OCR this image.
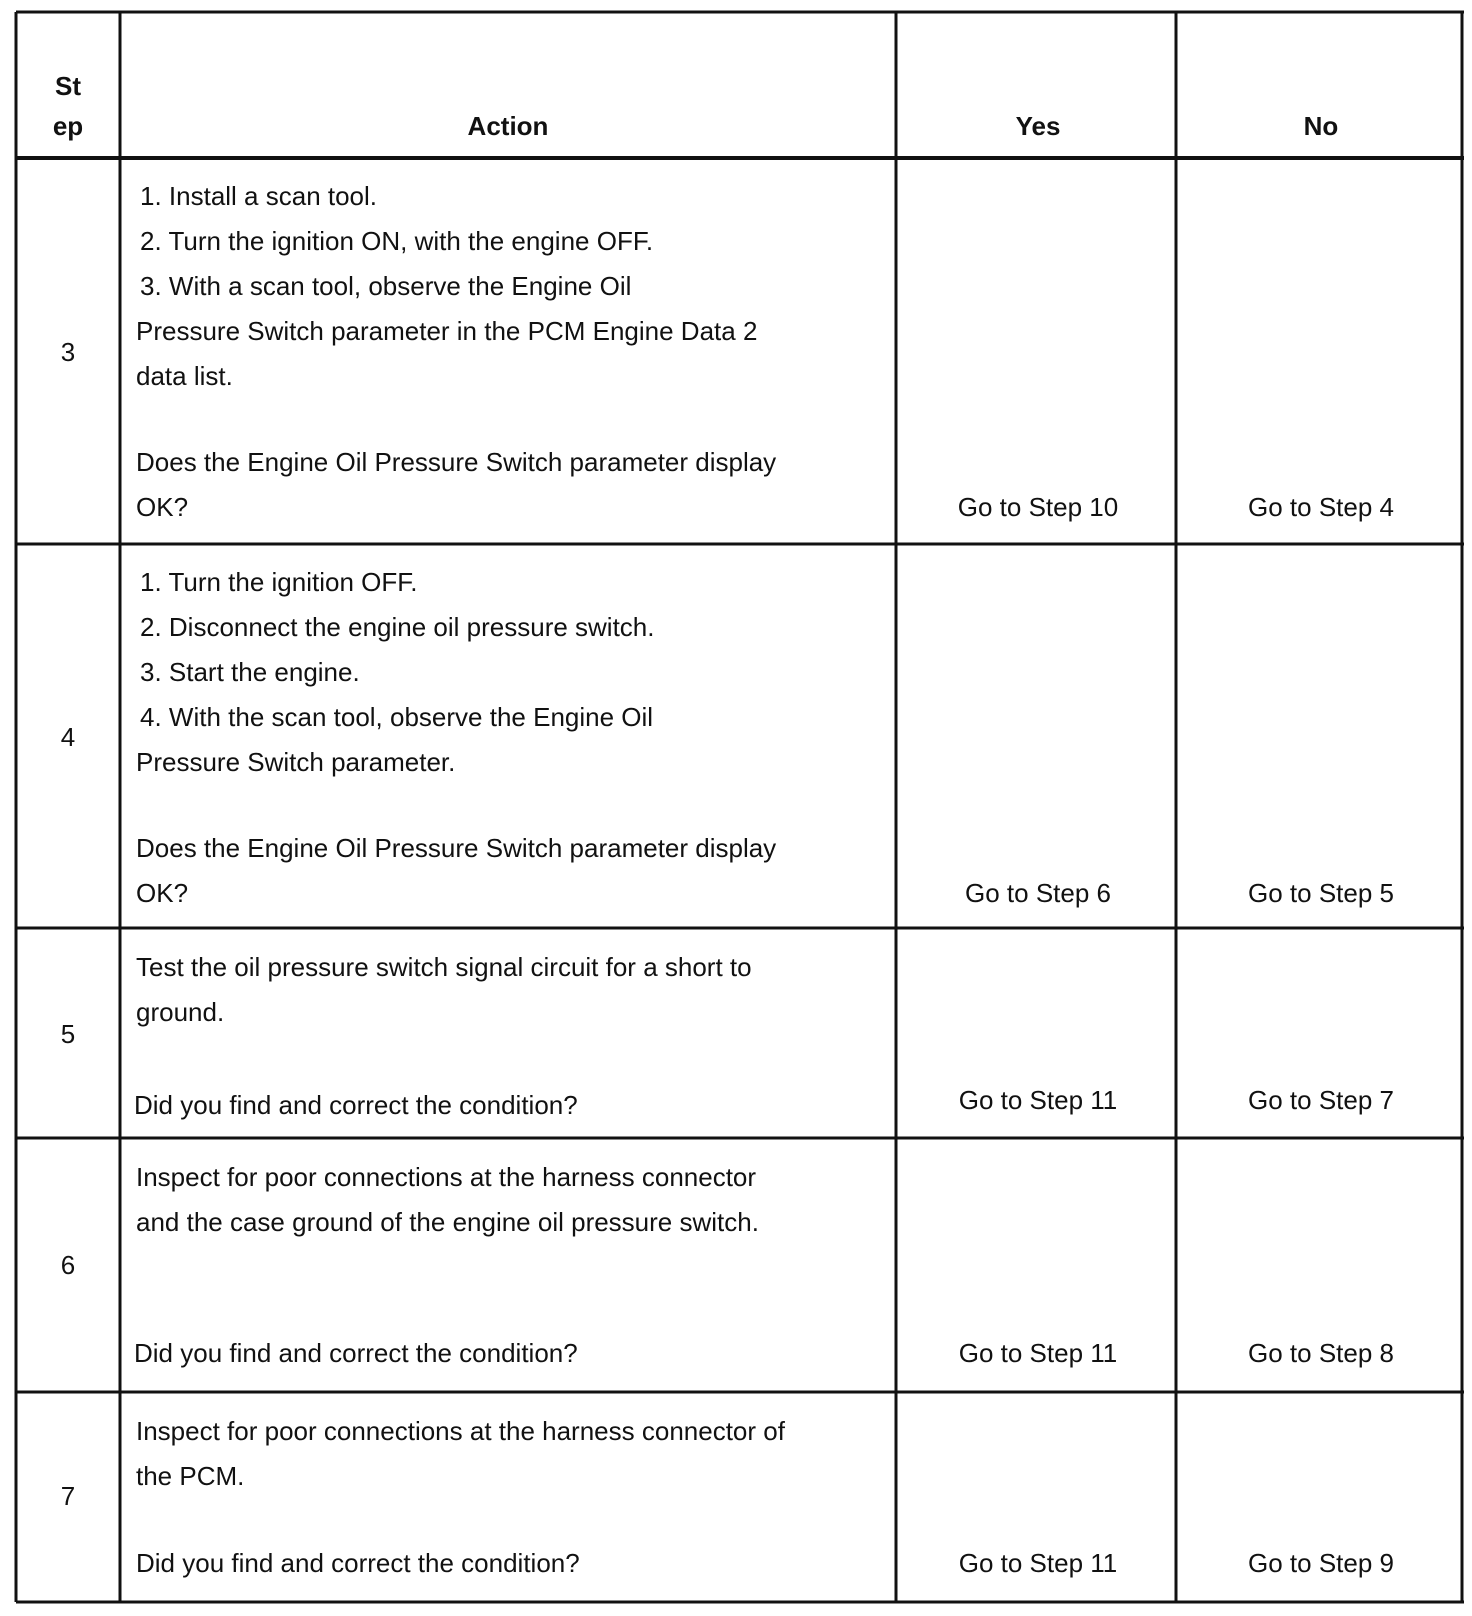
St

ep	Action	Yes	No

3

1. Install a scan tool.

2. Turn the ignition ON, with the engine OFF.

3. With a scan tool, observe the Engine Oil

Pressure Switch parameter in the PCM Engine Data 2

data list.

Does the Engine Oil Pressure Switch parameter display

OK?	Go to Step 10	Go to Step 4

4

1. Turn the ignition OFF.

2. Disconnect the engine oil pressure switch.

3. Start the engine.

4. With the scan tool, observe the Engine Oil

Pressure Switch parameter.

Does the Engine Oil Pressure Switch parameter display

OK?	Go to Step 6	Go to Step 5

5

Test the oil pressure switch signal circuit for a short to

ground.

Did you find and correct the condition?	Go to Step 11	Go to Step 7

6

Inspect for poor connections at the harness connector

and the case ground of the engine oil pressure switch.

Did you find and correct the condition?	Go to Step 11	Go to Step 8

7

Inspect for poor connections at the harness connector of

the PCM.

Did you find and correct the condition?	Go to Step 11	Go to Step 9
